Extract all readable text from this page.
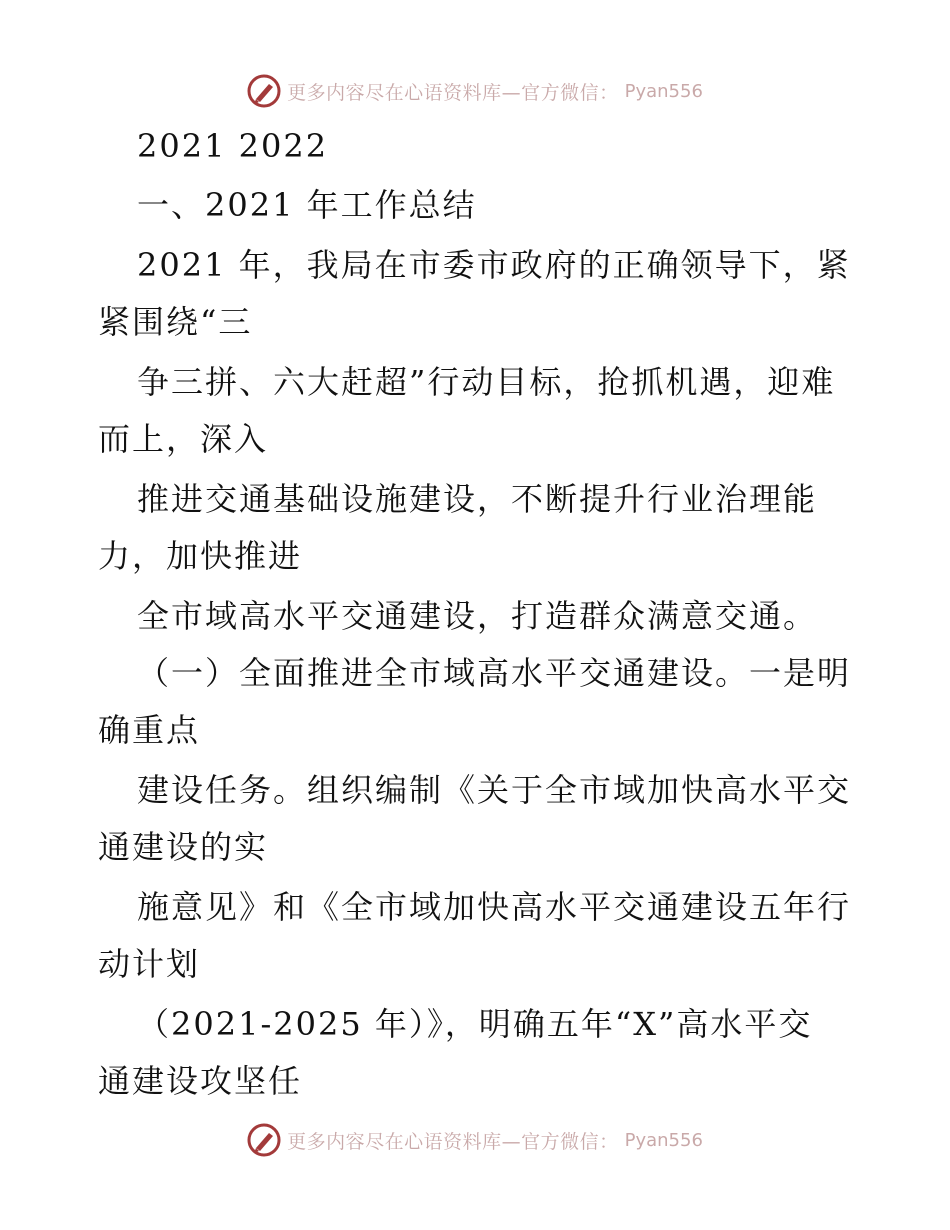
更多内容尽在心语资料库—官方微信： Pyan556
2021 2022
一、2021 年工作总结
2021 年，我局在市委市政府的正确领导下，紧
紧围绕“三
争三拼、六大赶超”行动目标，抢抓机遇，迎难
而上，深入
推进交通基础设施建设，不断提升行业治理能
力，加快推进
全市域高水平交通建设，打造群众满意交通。
（一）全面推进全市域高水平交通建设。一是明
确重点
建设任务。组织编制《关于全市域加快高水平交
通建设的实
施意见》和《全市域加快高水平交通建设五年行
动计划
（2021-2025 年）》，明确五年“X”高水平交
通建设攻坚任
更多内容尽在心语资料库—官方微信： Pyan556
